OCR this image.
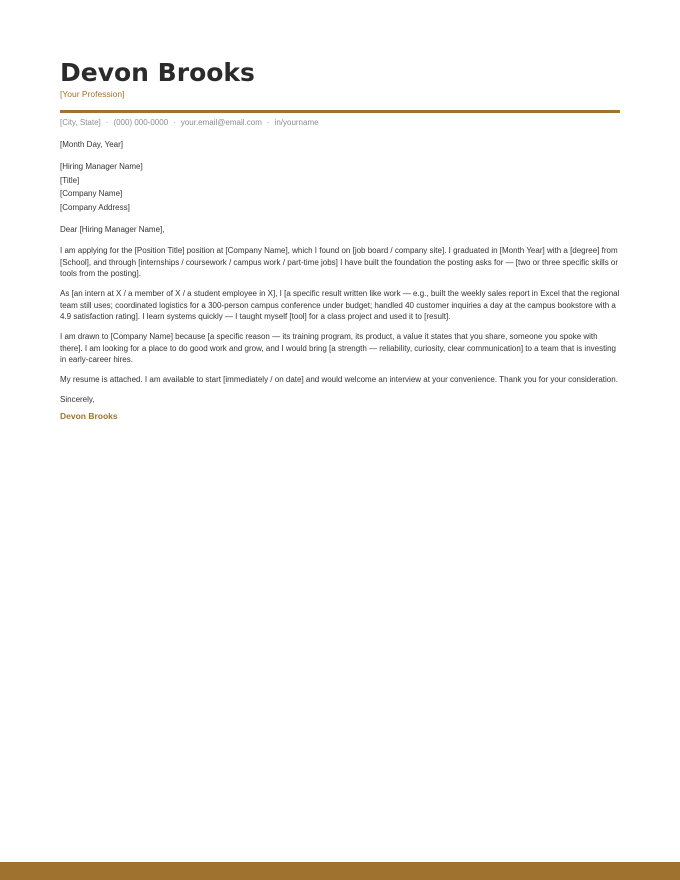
Devon Brooks
[Your Profession]
[City, State] · (000) 000-0000 · your.email@email.com · in/yourname
[Month Day, Year]
[Hiring Manager Name]
[Title]
[Company Name]
[Company Address]
Dear [Hiring Manager Name],

I am applying for the [Position Title] position at [Company Name], which I found on [job board / company site]. I graduated in [Month Year] with a [degree] from [School], and through [internships / coursework / campus work / part-time jobs] I have built the foundation the posting asks for — [two or three specific skills or tools from the posting].

As [an intern at X / a member of X / a student employee in X], I [a specific result written like work — e.g., built the weekly sales report in Excel that the regional team still uses; coordinated logistics for a 300-person campus conference under budget; handled 40 customer inquiries a day at the campus bookstore with a 4.9 satisfaction rating]. I learn systems quickly — I taught myself [tool] for a class project and used it to [result].

I am drawn to [Company Name] because [a specific reason — its training program, its product, a value it states that you share, someone you spoke with there]. I am looking for a place to do good work and grow, and I would bring [a strength — reliability, curiosity, clear communication] to a team that is investing in early-career hires.

My resume is attached. I am available to start [immediately / on date] and would welcome an interview at your convenience. Thank you for your consideration.

Sincerely,
Devon Brooks
